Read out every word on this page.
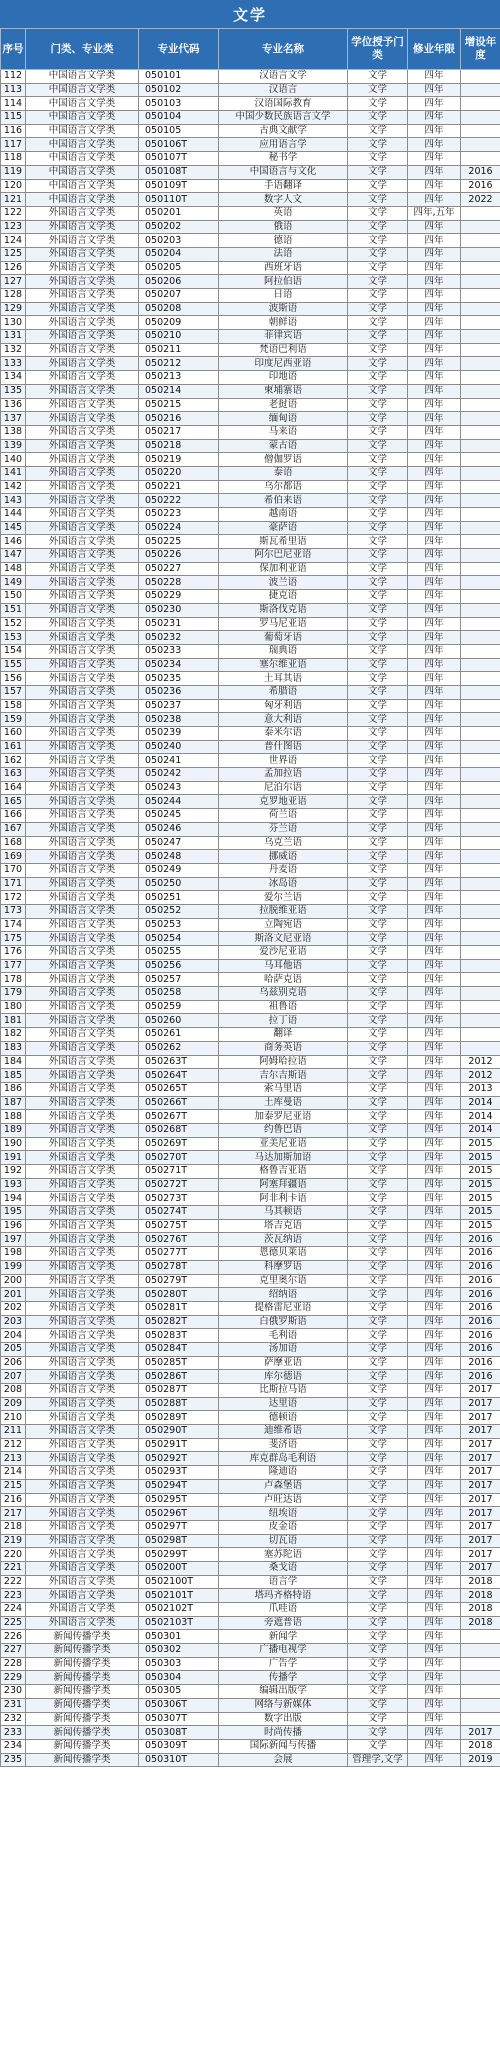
文学
序号	门类、专业类	专业代码	专业名称	学位授予门类	修业年限	增设年度
112	中国语言文学类	050101	汉语言文学	文学	四年	
113	中国语言文学类	050102	汉语言	文学	四年	
114	中国语言文学类	050103	汉语国际教育	文学	四年	
115	中国语言文学类	050104	中国少数民族语言文学	文学	四年	
116	中国语言文学类	050105	古典文献学	文学	四年	
117	中国语言文学类	050106T	应用语言学	文学	四年	
118	中国语言文学类	050107T	秘书学	文学	四年	
119	中国语言文学类	050108T	中国语言与文化	文学	四年	2016
120	中国语言文学类	050109T	手语翻译	文学	四年	2016
121	中国语言文学类	050110T	数字人文	文学	四年	2022
122	外国语言文学类	050201	英语	文学	四年,五年	
123	外国语言文学类	050202	俄语	文学	四年	
124	外国语言文学类	050203	德语	文学	四年	
125	外国语言文学类	050204	法语	文学	四年	
126	外国语言文学类	050205	西班牙语	文学	四年	
127	外国语言文学类	050206	阿拉伯语	文学	四年	
128	外国语言文学类	050207	日语	文学	四年	
129	外国语言文学类	050208	波斯语	文学	四年	
130	外国语言文学类	050209	朝鲜语	文学	四年	
131	外国语言文学类	050210	菲律宾语	文学	四年	
132	外国语言文学类	050211	梵语巴利语	文学	四年	
133	外国语言文学类	050212	印度尼西亚语	文学	四年	
134	外国语言文学类	050213	印地语	文学	四年	
135	外国语言文学类	050214	柬埔寨语	文学	四年	
136	外国语言文学类	050215	老挝语	文学	四年	
137	外国语言文学类	050216	缅甸语	文学	四年	
138	外国语言文学类	050217	马来语	文学	四年	
139	外国语言文学类	050218	蒙古语	文学	四年	
140	外国语言文学类	050219	僧伽罗语	文学	四年	
141	外国语言文学类	050220	泰语	文学	四年	
142	外国语言文学类	050221	乌尔都语	文学	四年	
143	外国语言文学类	050222	希伯来语	文学	四年	
144	外国语言文学类	050223	越南语	文学	四年	
145	外国语言文学类	050224	豪萨语	文学	四年	
146	外国语言文学类	050225	斯瓦希里语	文学	四年	
147	外国语言文学类	050226	阿尔巴尼亚语	文学	四年	
148	外国语言文学类	050227	保加利亚语	文学	四年	
149	外国语言文学类	050228	波兰语	文学	四年	
150	外国语言文学类	050229	捷克语	文学	四年	
151	外国语言文学类	050230	斯洛伐克语	文学	四年	
152	外国语言文学类	050231	罗马尼亚语	文学	四年	
153	外国语言文学类	050232	葡萄牙语	文学	四年	
154	外国语言文学类	050233	瑞典语	文学	四年	
155	外国语言文学类	050234	塞尔维亚语	文学	四年	
156	外国语言文学类	050235	土耳其语	文学	四年	
157	外国语言文学类	050236	希腊语	文学	四年	
158	外国语言文学类	050237	匈牙利语	文学	四年	
159	外国语言文学类	050238	意大利语	文学	四年	
160	外国语言文学类	050239	泰米尔语	文学	四年	
161	外国语言文学类	050240	普什图语	文学	四年	
162	外国语言文学类	050241	世界语	文学	四年	
163	外国语言文学类	050242	孟加拉语	文学	四年	
164	外国语言文学类	050243	尼泊尔语	文学	四年	
165	外国语言文学类	050244	克罗地亚语	文学	四年	
166	外国语言文学类	050245	荷兰语	文学	四年	
167	外国语言文学类	050246	芬兰语	文学	四年	
168	外国语言文学类	050247	乌克兰语	文学	四年	
169	外国语言文学类	050248	挪威语	文学	四年	
170	外国语言文学类	050249	丹麦语	文学	四年	
171	外国语言文学类	050250	冰岛语	文学	四年	
172	外国语言文学类	050251	爱尔兰语	文学	四年	
173	外国语言文学类	050252	拉脱维亚语	文学	四年	
174	外国语言文学类	050253	立陶宛语	文学	四年	
175	外国语言文学类	050254	斯洛文尼亚语	文学	四年	
176	外国语言文学类	050255	爱沙尼亚语	文学	四年	
177	外国语言文学类	050256	马耳他语	文学	四年	
178	外国语言文学类	050257	哈萨克语	文学	四年	
179	外国语言文学类	050258	乌兹别克语	文学	四年	
180	外国语言文学类	050259	祖鲁语	文学	四年	
181	外国语言文学类	050260	拉丁语	文学	四年	
182	外国语言文学类	050261	翻译	文学	四年	
183	外国语言文学类	050262	商务英语	文学	四年	
184	外国语言文学类	050263T	阿姆哈拉语	文学	四年	2012
185	外国语言文学类	050264T	吉尔吉斯语	文学	四年	2012
186	外国语言文学类	050265T	索马里语	文学	四年	2013
187	外国语言文学类	050266T	土库曼语	文学	四年	2014
188	外国语言文学类	050267T	加泰罗尼亚语	文学	四年	2014
189	外国语言文学类	050268T	约鲁巴语	文学	四年	2014
190	外国语言文学类	050269T	亚美尼亚语	文学	四年	2015
191	外国语言文学类	050270T	马达加斯加语	文学	四年	2015
192	外国语言文学类	050271T	格鲁吉亚语	文学	四年	2015
193	外国语言文学类	050272T	阿塞拜疆语	文学	四年	2015
194	外国语言文学类	050273T	阿非利卡语	文学	四年	2015
195	外国语言文学类	050274T	马其顿语	文学	四年	2015
196	外国语言文学类	050275T	塔吉克语	文学	四年	2015
197	外国语言文学类	050276T	茨瓦纳语	文学	四年	2016
198	外国语言文学类	050277T	恩德贝莱语	文学	四年	2016
199	外国语言文学类	050278T	科摩罗语	文学	四年	2016
200	外国语言文学类	050279T	克里奥尔语	文学	四年	2016
201	外国语言文学类	050280T	绍纳语	文学	四年	2016
202	外国语言文学类	050281T	提格雷尼亚语	文学	四年	2016
203	外国语言文学类	050282T	白俄罗斯语	文学	四年	2016
204	外国语言文学类	050283T	毛利语	文学	四年	2016
205	外国语言文学类	050284T	汤加语	文学	四年	2016
206	外国语言文学类	050285T	萨摩亚语	文学	四年	2016
207	外国语言文学类	050286T	库尔德语	文学	四年	2016
208	外国语言文学类	050287T	比斯拉马语	文学	四年	2017
209	外国语言文学类	050288T	达里语	文学	四年	2017
210	外国语言文学类	050289T	德顿语	文学	四年	2017
211	外国语言文学类	050290T	迪维希语	文学	四年	2017
212	外国语言文学类	050291T	斐济语	文学	四年	2017
213	外国语言文学类	050292T	库克群岛毛利语	文学	四年	2017
214	外国语言文学类	050293T	隆迪语	文学	四年	2017
215	外国语言文学类	050294T	卢森堡语	文学	四年	2017
216	外国语言文学类	050295T	卢旺达语	文学	四年	2017
217	外国语言文学类	050296T	纽埃语	文学	四年	2017
218	外国语言文学类	050297T	皮金语	文学	四年	2017
219	外国语言文学类	050298T	切瓦语	文学	四年	2017
220	外国语言文学类	050299T	塞苏陀语	文学	四年	2017
221	外国语言文学类	050200T	桑戈语	文学	四年	2017
222	外国语言文学类	0502100T	语言学	文学	四年	2018
223	外国语言文学类	0502101T	塔玛齐格特语	文学	四年	2018
224	外国语言文学类	0502102T	爪哇语	文学	四年	2018
225	外国语言文学类	0502103T	旁遮普语	文学	四年	2018
226	新闻传播学类	050301	新闻学	文学	四年	
227	新闻传播学类	050302	广播电视学	文学	四年	
228	新闻传播学类	050303	广告学	文学	四年	
229	新闻传播学类	050304	传播学	文学	四年	
230	新闻传播学类	050305	编辑出版学	文学	四年	
231	新闻传播学类	050306T	网络与新媒体	文学	四年	
232	新闻传播学类	050307T	数字出版	文学	四年	
233	新闻传播学类	050308T	时尚传播	文学	四年	2017
234	新闻传播学类	050309T	国际新闻与传播	文学	四年	2018
235	新闻传播学类	050310T	会展	管理学,文学	四年	2019
